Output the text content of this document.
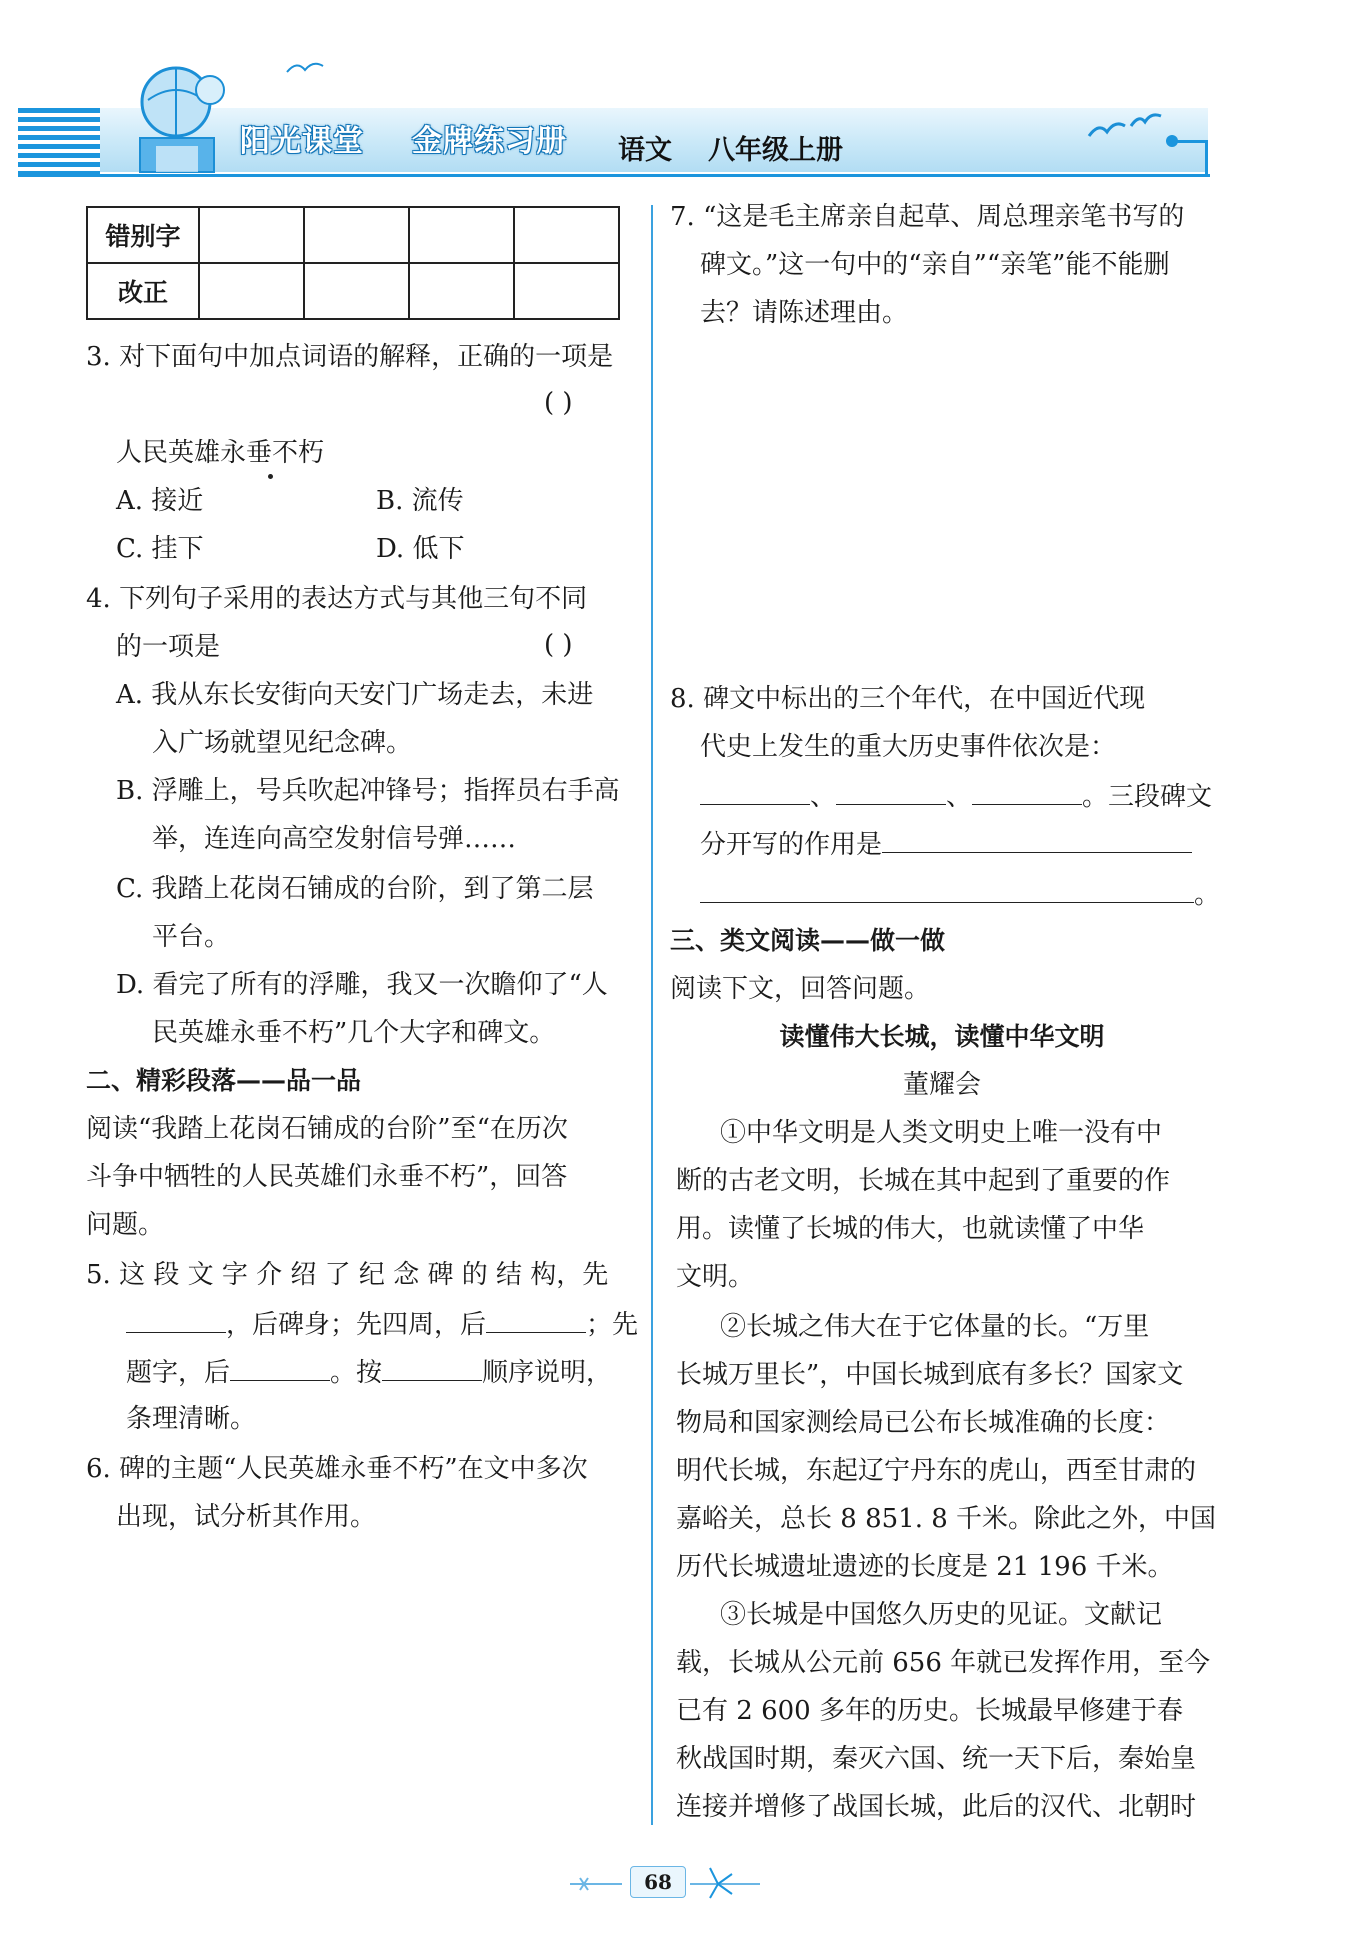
阳光课堂 金牌练习册 语文 八年级上册
错别字				
改正				
3. 对下面句中加点词语的解释，正确的一项是
( )
人民英雄永垂不朽
A. 接近	B. 流传
C. 挂下	D. 低下
4. 下列句子采用的表达方式与其他三句不同
的一项是	( )
A. 我从东长安街向天安门广场走去，未进
入广场就望见纪念碑。
B. 浮雕上，号兵吹起冲锋号；指挥员右手高
举，连连向高空发射信号弹……
C. 我踏上花岗石铺成的台阶，到了第二层
平台。
D. 看完了所有的浮雕，我又一次瞻仰了“人
民英雄永垂不朽”几个大字和碑文。
二、精彩段落——品一品
阅读“我踏上花岗石铺成的台阶”至“在历次
斗争中牺牲的人民英雄们永垂不朽”，回答
问题。
5. 这 段 文 字 介 绍 了 纪 念 碑 的 结 构，先
，后碑身；先四周，后	；先
题字，后	。按	顺序说明，
条理清晰。
6. 碑的主题“人民英雄永垂不朽”在文中多次
出现，试分析其作用。
7. “这是毛主席亲自起草、周总理亲笔书写的
碑文。”这一句中的“亲自”“亲笔”能不能删
去？请陈述理由。
8. 碑文中标出的三个年代，在中国近代现
代史上发生的重大历史事件依次是：
、	、	。三段碑文
分开写的作用是
。
三、类文阅读——做一做
阅读下文，回答问题。
读懂伟大长城，读懂中华文明
董耀会
①中华文明是人类文明史上唯一没有中
断的古老文明，长城在其中起到了重要的作
用。读懂了长城的伟大，也就读懂了中华
文明。
②长城之伟大在于它体量的长。“万里
长城万里长”，中国长城到底有多长？国家文
物局和国家测绘局已公布长城准确的长度：
明代长城，东起辽宁丹东的虎山，西至甘肃的
嘉峪关，总长 8 851. 8 千米。除此之外，中国
历代长城遗址遗迹的长度是 21 196 千米。
③长城是中国悠久历史的见证。文献记
载，长城从公元前 656 年就已发挥作用，至今
已有 2 600 多年的历史。长城最早修建于春
秋战国时期，秦灭六国、统一天下后，秦始皇
连接并增修了战国长城，此后的汉代、北朝时
68
